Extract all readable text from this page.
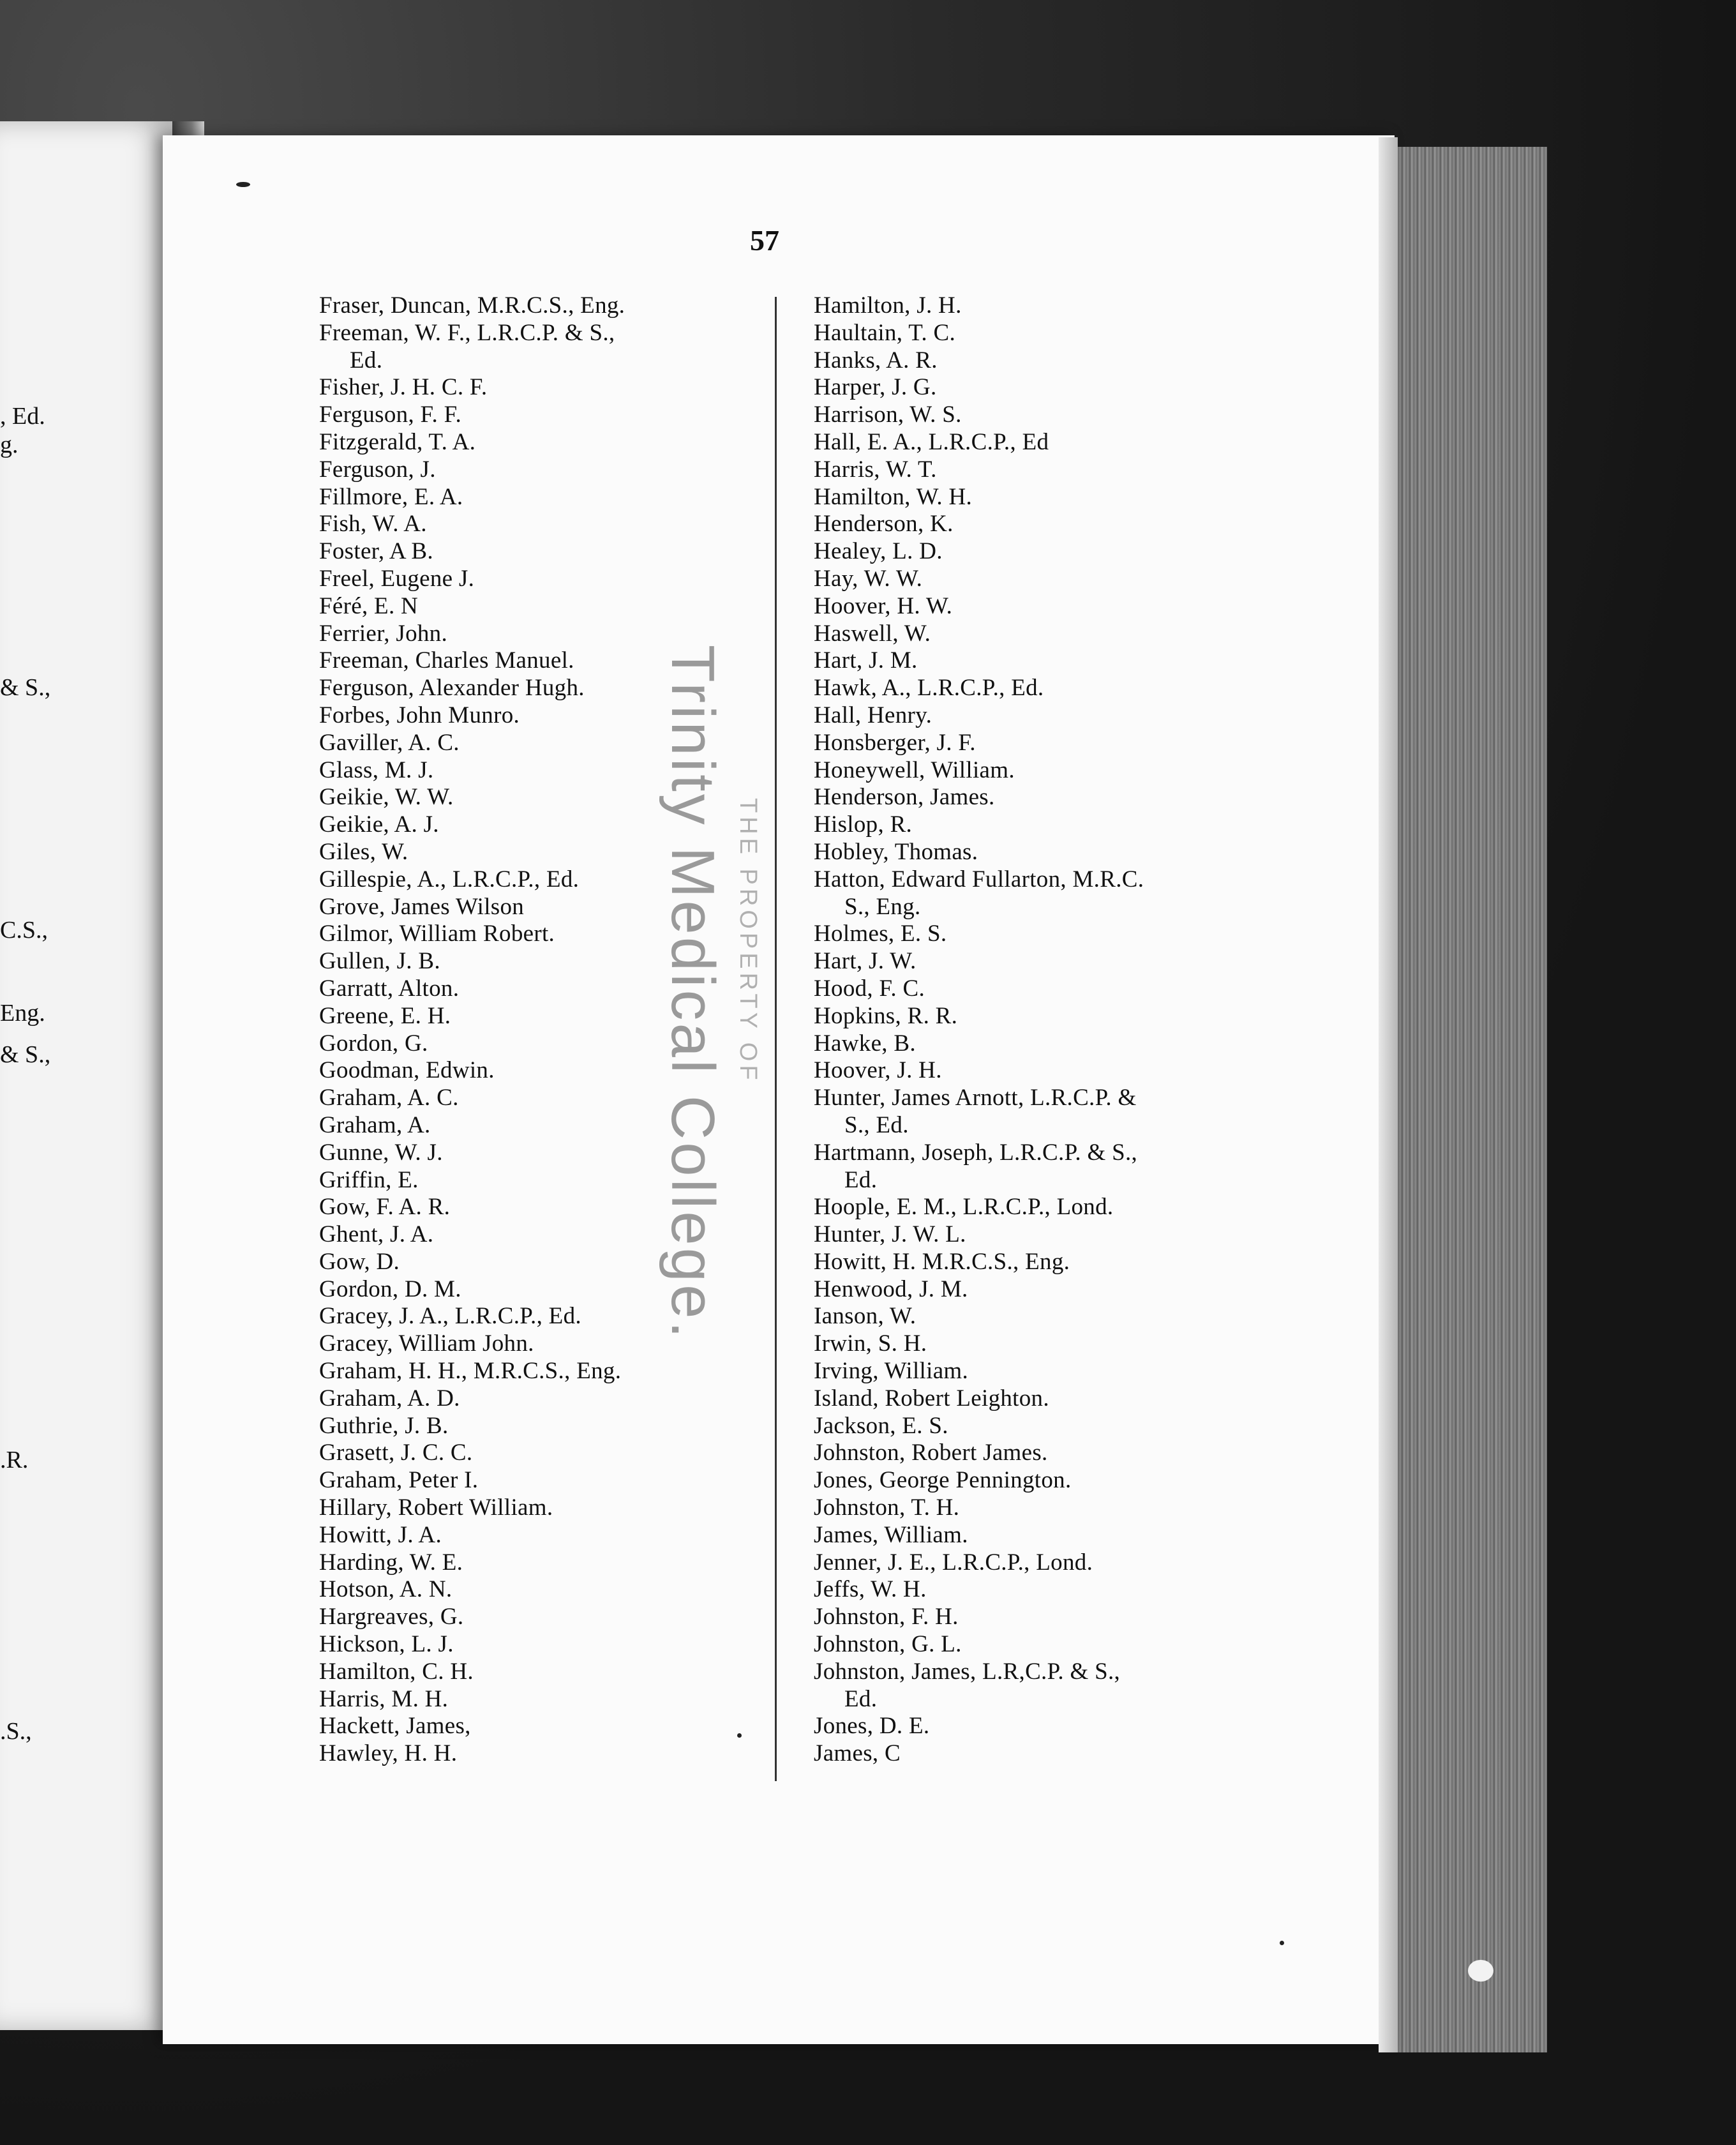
, Ed.
g.
& S.,
C.S.,
Eng.
& S.,
.R.
.S.,
57
Fraser, Duncan, M.R.C.S., Eng.
Freeman, W. F., L.R.C.P. & S.,
Ed.
Fisher, J. H. C. F.
Ferguson, F. F.
Fitzgerald, T. A.
Ferguson, J.
Fillmore, E. A.
Fish, W. A.
Foster, A B.
Freel, Eugene J.
Féré, E. N
Ferrier, John.
Freeman, Charles Manuel.
Ferguson, Alexander Hugh.
Forbes, John Munro.
Gaviller, A. C.
Glass, M. J.
Geikie, W. W.
Geikie, A. J.
Giles, W.
Gillespie, A., L.R.C.P., Ed.
Grove, James Wilson
Gilmor, William Robert.
Gullen, J. B.
Garratt, Alton.
Greene, E. H.
Gordon, G.
Goodman, Edwin.
Graham, A. C.
Graham, A.
Gunne, W. J.
Griffin, E.
Gow, F. A. R.
Ghent, J. A.
Gow, D.
Gordon, D. M.
Gracey, J. A., L.R.C.P., Ed.
Gracey, William John.
Graham, H. H., M.R.C.S., Eng.
Graham, A. D.
Guthrie, J. B.
Grasett, J. C. C.
Graham, Peter I.
Hillary, Robert William.
Howitt, J. A.
Harding, W. E.
Hotson, A. N.
Hargreaves, G.
Hickson, L. J.
Hamilton, C. H.
Harris, M. H.
Hackett, James,
Hawley, H. H.
Hamilton, J. H.
Haultain, T. C.
Hanks, A. R.
Harper, J. G.
Harrison, W. S.
Hall, E. A., L.R.C.P., Ed
Harris, W. T.
Hamilton, W. H.
Henderson, K.
Healey, L. D.
Hay, W. W.
Hoover, H. W.
Haswell, W.
Hart, J. M.
Hawk, A., L.R.C.P., Ed.
Hall, Henry.
Honsberger, J. F.
Honeywell, William.
Henderson, James.
Hislop, R.
Hobley, Thomas.
Hatton, Edward Fullarton, M.R.C.
S., Eng.
Holmes, E. S.
Hart, J. W.
Hood, F. C.
Hopkins, R. R.
Hawke, B.
Hoover, J. H.
Hunter, James Arnott, L.R.C.P. &
S., Ed.
Hartmann, Joseph, L.R.C.P. & S.,
Ed.
Hoople, E. M., L.R.C.P., Lond.
Hunter, J. W. L.
Howitt, H. M.R.C.S., Eng.
Henwood, J. M.
Ianson, W.
Irwin, S. H.
Irving, William.
Island, Robert Leighton.
Jackson, E. S.
Johnston, Robert James.
Jones, George Pennington.
Johnston, T. H.
James, William.
Jenner, J. E., L.R.C.P., Lond.
Jeffs, W. H.
Johnston, F. H.
Johnston, G. L.
Johnston, James, L.R,C.P. & S.,
Ed.
Jones, D. E.
James, C
Trinity Medical College. THE PROPERTY OF
